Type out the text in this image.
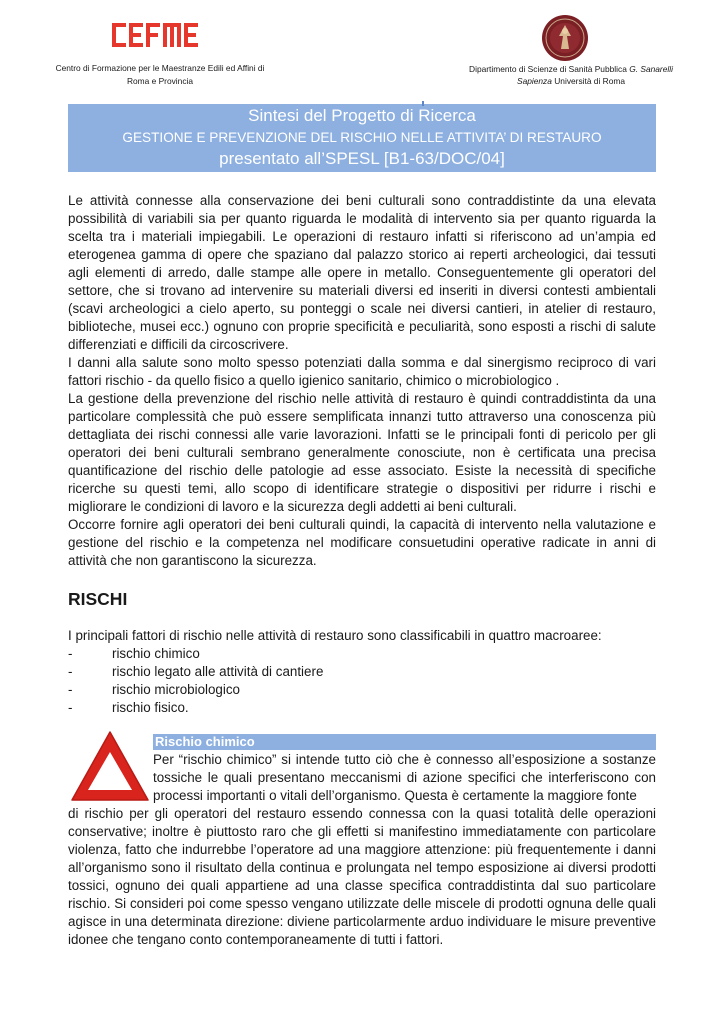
Centro di Formazione per le Maestranze Edili ed Affini di
Roma e Provincia
Dipartimento di Scienze di Sanità Pubblica G. Sanarelli
Sapienza Università di Roma
Sintesi del Progetto di Ricerca
GESTIONE E PREVENZIONE DEL RISCHIO NELLE ATTIVITA’ DI RESTAURO
presentato all’SPESL [B1-63/DOC/04]

Le attività connesse alla conservazione dei beni culturali sono contraddistinte da una elevata possibilità di variabili sia per quanto riguarda le modalità di intervento sia per quanto riguarda la scelta tra i materiali impiegabili. Le operazioni di restauro infatti si riferiscono ad un’ampia ed eterogenea gamma di opere che spaziano dal palazzo storico ai reperti archeologici, dai tessuti agli elementi di arredo, dalle stampe alle opere in metallo. Conseguentemente gli operatori del settore, che si trovano ad intervenire su materiali diversi ed inseriti in diversi contesti ambientali (scavi archeologici a cielo aperto, su ponteggi o scale nei diversi cantieri, in atelier di restauro, biblioteche, musei ecc.) ognuno con proprie specificità e peculiarità, sono esposti a rischi di salute differenziati e difficili da circoscrivere.

I danni alla salute sono molto spesso potenziati dalla somma e dal sinergismo reciproco di vari fattori rischio - da quello fisico a quello igienico sanitario, chimico o microbiologico .

La gestione della prevenzione del rischio nelle attività di restauro è quindi contraddistinta da una particolare complessità che può essere semplificata innanzi tutto attraverso una conoscenza più dettagliata dei rischi connessi alle varie lavorazioni. Infatti se le principali fonti di pericolo per gli operatori dei beni culturali sembrano generalmente conosciute, non è certificata una precisa quantificazione del rischio delle patologie ad esse associato. Esiste la necessità di specifiche ricerche su questi temi, allo scopo di identificare strategie o dispositivi per ridurre i rischi e migliorare le condizioni di lavoro e la sicurezza degli addetti ai beni culturali.

Occorre fornire agli operatori dei beni culturali quindi, la capacità di intervento nella valutazione e gestione del rischio e la competenza nel modificare consuetudini operative radicate in anni di attività che non garantiscono la sicurezza.

RISCHI

I principali fattori di rischio nelle attività di restauro sono classificabili in quattro macroaree:

-	rischio chimico
-	rischio legato alle attività di cantiere
-	rischio microbiologico
-	rischio fisico.
Rischio chimico

Per “rischio chimico” si intende tutto ciò che è connesso all’esposizione a sostanze tossiche le quali presentano meccanismi di azione specifici che interferiscono con processi importanti o vitali dell’organismo. Questa è certamente la maggiore fonte

di rischio per gli operatori del restauro essendo connessa con la quasi totalità delle operazioni conservative; inoltre è piuttosto raro che gli effetti si manifestino immediatamente con particolare violenza, fatto che indurrebbe l’operatore ad una maggiore attenzione: più frequentemente i danni all’organismo sono il risultato della continua e prolungata nel tempo esposizione ai diversi prodotti tossici, ognuno dei quali appartiene ad una classe specifica contraddistinta dal suo particolare rischio. Si consideri poi come spesso vengano utilizzate delle miscele di prodotti ognuna delle quali agisce in una determinata direzione: diviene particolarmente arduo individuare le misure preventive idonee che tengano conto contemporaneamente di tutti i fattori.
